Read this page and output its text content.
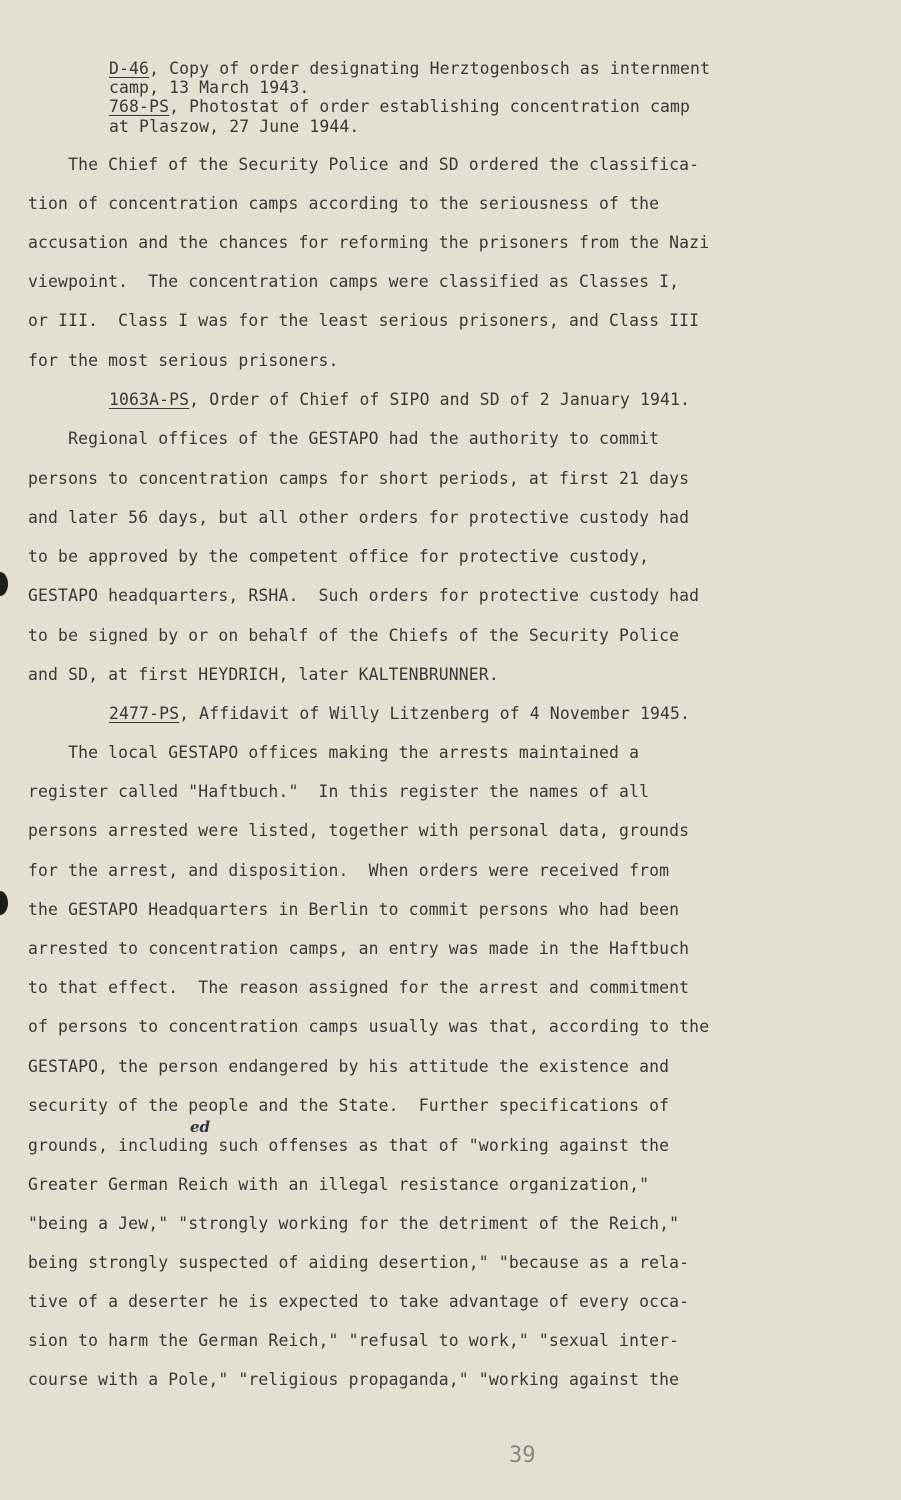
D-46, Copy of order designating Herztogenbosch as internment
camp, 13 March 1943.
768-PS, Photostat of order establishing concentration camp
at Plaszow, 27 June 1944.
The Chief of the Security Police and SD ordered the classifica-
tion of concentration camps according to the seriousness of the
accusation and the chances for reforming the prisoners from the Nazi
viewpoint.  The concentration camps were classified as Classes I,
or III.  Class I was for the least serious prisoners, and Class III
for the most serious prisoners.
1063A-PS, Order of Chief of SIPO and SD of 2 January 1941.
Regional offices of the GESTAPO had the authority to commit
persons to concentration camps for short periods, at first 21 days
and later 56 days, but all other orders for protective custody had
to be approved by the competent office for protective custody,
GESTAPO headquarters, RSHA.  Such orders for protective custody had
to be signed by or on behalf of the Chiefs of the Security Police
and SD, at first HEYDRICH, later KALTENBRUNNER.
2477-PS, Affidavit of Willy Litzenberg of 4 November 1945.
The local GESTAPO offices making the arrests maintained a
register called "Haftbuch."  In this register the names of all
persons arrested were listed, together with personal data, grounds
for the arrest, and disposition.  When orders were received from
the GESTAPO Headquarters in Berlin to commit persons who had been
arrested to concentration camps, an entry was made in the Haftbuch
to that effect.  The reason assigned for the arrest and commitment
of persons to concentration camps usually was that, according to the
GESTAPO, the person endangered by his attitude the existence and
security of the people and the State.  Further specifications of
grounds, including such offenses as that of "working against the
Greater German Reich with an illegal resistance organization,"
"being a Jew," "strongly working for the detriment of the Reich,"
being strongly suspected of aiding desertion," "because as a rela-
tive of a deserter he is expected to take advantage of every occa-
sion to harm the German Reich," "refusal to work," "sexual inter-
course with a Pole," "religious propaganda," "working against the
ed
39
